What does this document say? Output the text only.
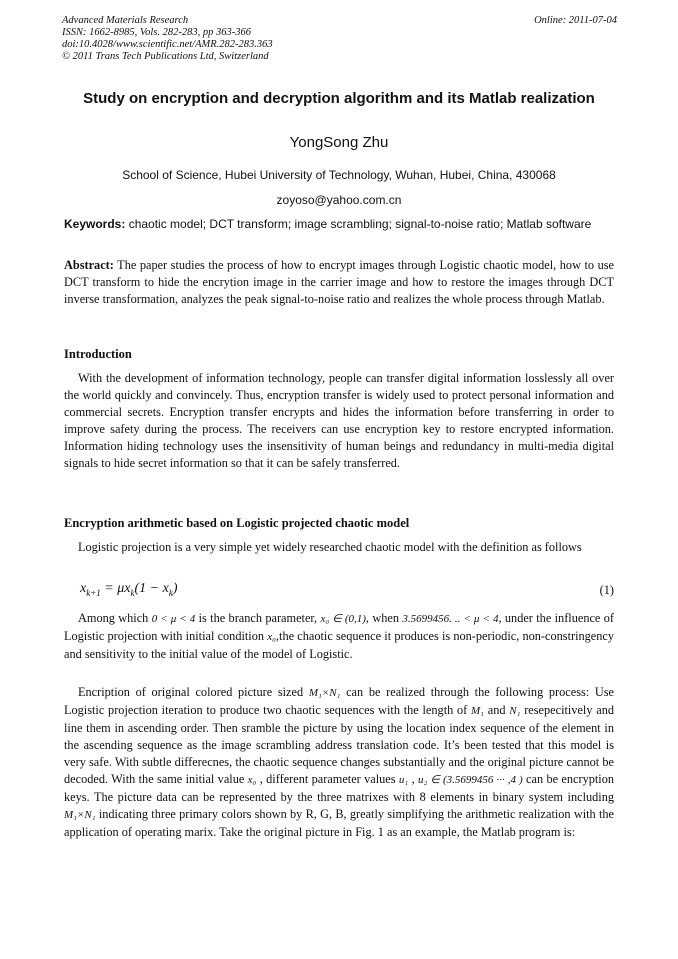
Advanced Materials Research
ISSN: 1662-8985, Vols. 282-283, pp 363-366
doi:10.4028/www.scientific.net/AMR.282-283.363
© 2011 Trans Tech Publications Ltd, Switzerland
Online: 2011-07-04
Study on encryption and decryption algorithm and its Matlab realization
YongSong Zhu
School of Science, Hubei University of Technology, Wuhan, Hubei, China, 430068
zoyoso@yahoo.com.cn
Keywords: chaotic model; DCT transform; image scrambling; signal-to-noise ratio; Matlab software
Abstract: The paper studies the process of how to encrypt images through Logistic chaotic model, how to use DCT transform to hide the encrytion image in the carrier image and how to restore the images through DCT inverse transformation, analyzes the peak signal-to-noise ratio and realizes the whole process through Matlab.
Introduction
With the development of information technology, people can transfer digital information losslessly all over the world quickly and convincely. Thus, encryption transfer is widely used to protect personal information and commercial secrets. Encryption transfer encrypts and hides the information before transferring in order to improve safety during the process. The receivers can use encryption key to restore encrypted information. Information hiding technology uses the insensitivity of human beings and redundancy in multi-media digital signals to hide secret information so that it can be safely transferred.
Encryption arithmetic based on Logistic projected chaotic model
Logistic projection is a very simple yet widely researched chaotic model with the definition as follows
$x_{k+1} = \mu x_k(1 - x_k)$	(1)
Among which 0 < μ < 4 is the branch parameter, x₀ ∈ (0,1), when 3.5699456. .. < μ < 4, under the influence of Logistic projection with initial condition x₀,the chaotic sequence it produces is non-periodic, non-constringency and sensitivity to the initial value of the model of Logistic.
Encription of original colored picture sized M₁×N₁ can be realized through the following process: Use Logistic projection iteration to produce two chaotic sequences with the length of M₁ and N₁ resepecitively and line them in ascending order. Then sramble the picture by using the location index sequence of the element in the ascending sequence as the image scrambling address translation code. It’s been tested that this model is very safe. With subtle differecnes, the chaotic sequence changes substantially and the original picture cannot be decoded. With the same initial value x₀ , different parameter values u₁ , u₂ ∈ (3.5699456 ··· ,4 ) can be encryption keys. The picture data can be represented by the three matrixes with 8 elements in binary system including M₁×N₁ indicating three primary colors shown by R, G, B, greatly simplifying the arithmetic realization with the application of operating marix. Take the original picture in Fig. 1 as an example, the Matlab program is:
